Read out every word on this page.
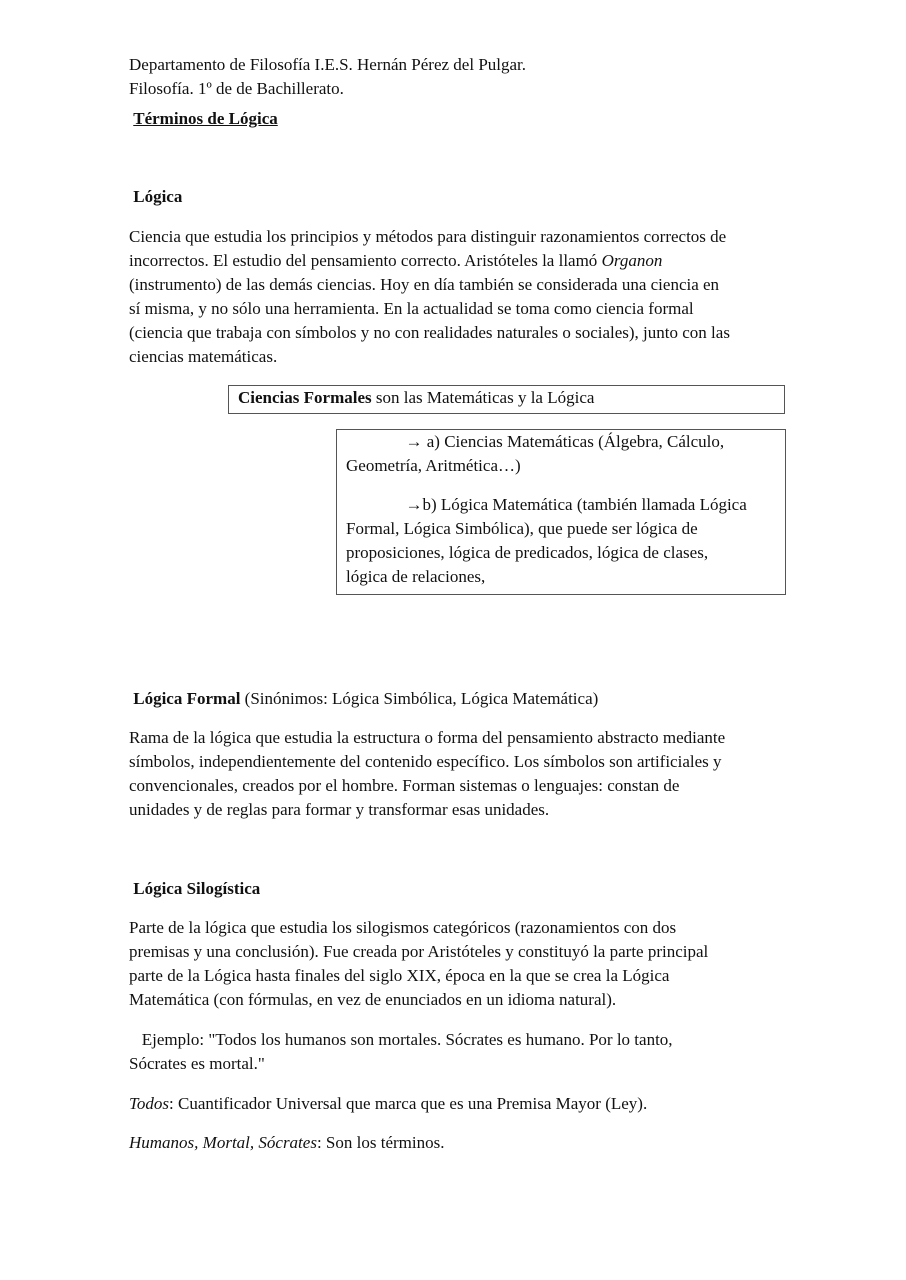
Departamento de Filosofía I.E.S. Hernán Pérez del Pulgar.
Filosofía. 1º de de Bachillerato.
Términos de Lógica
Lógica
Ciencia que estudia los principios y métodos para distinguir razonamientos correctos de
incorrectos. El estudio del pensamiento correcto. Aristóteles la llamó Organon
(instrumento) de las demás ciencias. Hoy en día también se considerada una ciencia en
sí misma, y no sólo una herramienta. En la actualidad se toma como ciencia formal
(ciencia que trabaja con símbolos y no con realidades naturales o sociales), junto con las
ciencias matemáticas.
Lógica Formal (Sinónimos: Lógica Simbólica, Lógica Matemática)
Rama de la lógica que estudia la estructura o forma del pensamiento abstracto mediante
símbolos, independientemente del contenido específico. Los símbolos son artificiales y
convencionales, creados por el hombre. Forman sistemas o lenguajes: constan de
unidades y de reglas para formar y transformar esas unidades.
Lógica Silogística
Parte de la lógica que estudia los silogismos categóricos (razonamientos con dos
premisas y una conclusión). Fue creada por Aristóteles y constituyó la parte principal
parte de la Lógica hasta finales del siglo XIX, época en la que se crea la Lógica
Matemática (con fórmulas, en vez de enunciados en un idioma natural).
Ejemplo: "Todos los humanos son mortales. Sócrates es humano. Por lo tanto,
Sócrates es mortal."
Todos: Cuantificador Universal que marca que es una Premisa Mayor (Ley).
Humanos, Mortal, Sócrates: Son los términos.
Ciencias Formales son las Matemáticas y la Lógica
→ a) Ciencias Matemáticas (Álgebra, Cálculo,
Geometría, Aritmética…)
→b) Lógica Matemática (también llamada Lógica
Formal, Lógica Simbólica), que puede ser lógica de
proposiciones, lógica de predicados, lógica de clases,
lógica de relaciones,
